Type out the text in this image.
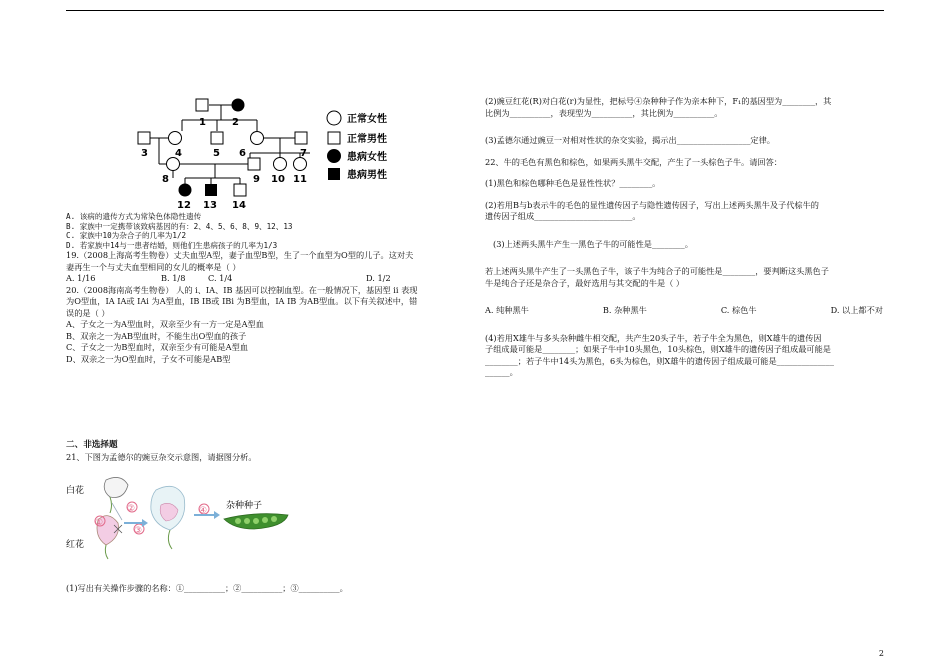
1	2
3	4	5 6	7
8	9 10 11
12 13 14
正常女性
正常男性
患病女性
患病男性

A. 该病的遗传方式为常染色体隐性遗传

B. 家族中一定携带该致病基因的有：2、4、5、6、8、9、12、13

C. 家族中10为杂合子的几率为1/2

D. 若家族中14与一患者结婚，则他们生患病孩子的几率为1/3

19.（2008上海高考生物卷）丈夫血型A型，妻子血型B型，生了一个血型为O型的儿子。这对夫

妻再生一个与丈夫血型相同的女儿的概率是（ ）

A. 1/16	B. 1/8	C. 1/4	D. 1/2

20.（2008海南高考生物卷） 人的 i、IA、IB 基因可以控制血型。在一般情况下，基因型 ii 表现

为O型血，IA IA或 IAi 为A型血，IB IB或 IBi 为B型血，IA IB 为AB型血。以下有关叙述中，错

误的是（ ）

A、子女之一为A型血时，双亲至少有一方一定是A型血

B、双亲之一为AB型血时，不能生出O型血的孩子

C、子女之一为B型血时，双亲至少有可能是A型血

D、双亲之一为O型血时，子女不可能是AB型

二、非选择题

21、下图为孟德尔的豌豆杂交示意图，请据图分析。

白花
红花
①
②
③
④ 杂种种子

(1)写出有关操作步骤的名称：①__________；②__________；③__________。

(2)豌豆红花(R)对白花(r)为显性，把标号④杂种种子作为亲本种下，F₁的基因型为________，其

比例为__________，表现型为__________，其比例为__________。

(3)孟德尔通过豌豆一对相对性状的杂交实验，揭示出__________________定律。

22、牛的毛色有黑色和棕色，如果两头黑牛交配，产生了一头棕色子牛。请回答：

(1)黑色和棕色哪种毛色是显性性状？________。

(2)若用B与b表示牛的毛色的显性遗传因子与隐性遗传因子，写出上述两头黑牛及子代棕牛的

遗传因子组成________________________。

(3)上述两头黑牛产生一黑色子牛的可能性是________。

若上述两头黑牛产生了一头黑色子牛，该子牛为纯合子的可能性是________，要判断这头黑色子

牛是纯合子还是杂合子，最好选用与其交配的牛是（ ）

A. 纯种黑牛	B. 杂种黑牛	C. 棕色牛	D. 以上都不对

(4)若用X雄牛与多头杂种雌牛相交配，共产生20头子牛，若子牛全为黑色，则X雄牛的遗传因

子组成最可能是________；如果子牛中10头黑色，10头棕色，则X雄牛的遗传因子组成最可能是

________；若子牛中14头为黑色，6头为棕色，则X雄牛的遗传因子组成最可能是______________

______。

2
